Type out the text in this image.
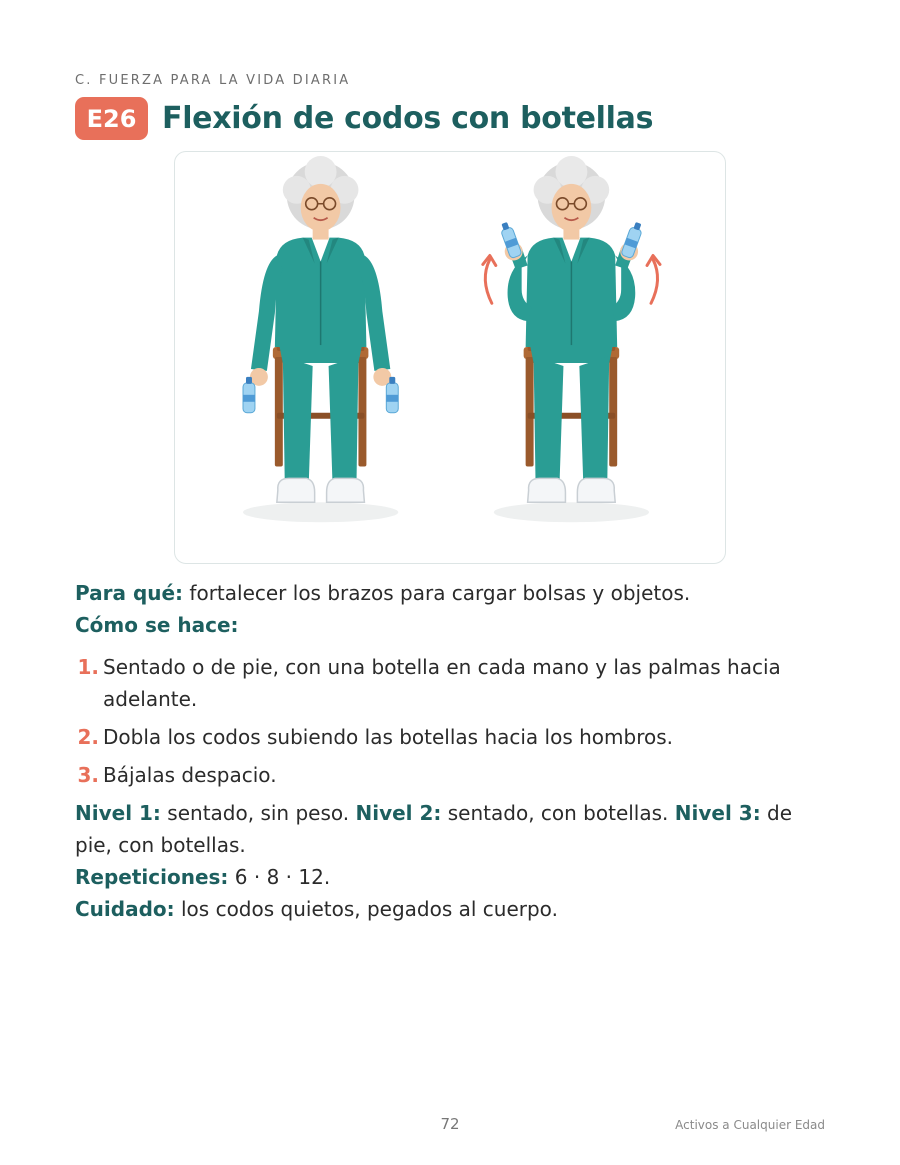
C. FUERZA PARA LA VIDA DIARIA
E26 Flexión de codos con botellas

Para qué: fortalecer los brazos para cargar bolsas y objetos.

Cómo se hace:

1. Sentado o de pie, con una botella en cada mano y las palmas hacia adelante.
2. Dobla los codos subiendo las botellas hacia los hombros.
3. Bájalas despacio.

Nivel 1: sentado, sin peso. Nivel 2: sentado, con botellas. Nivel 3: de pie, con botellas.

Repeticiones: 6 · 8 · 12.

Cuidado: los codos quietos, pegados al cuerpo.

72	Activos a Cualquier Edad
